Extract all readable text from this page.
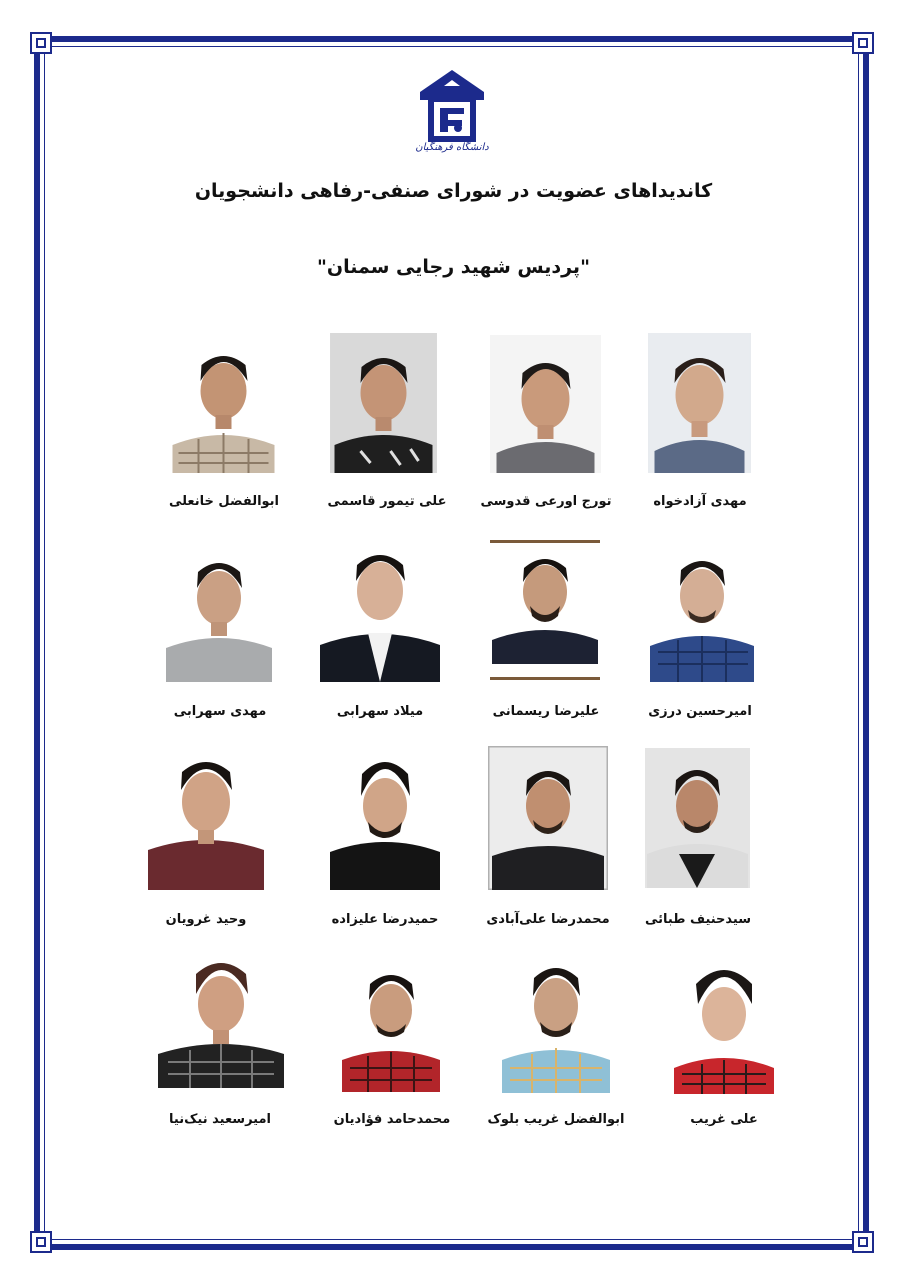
دانشگاه فرهنگیان
کاندیداهای عضویت در شورای صنفی-رفاهی دانشجویان
"پردیس شهید رجایی سمنان"
مهدی آزادخواه
تورج اورعی قدوسی
علی تیمور قاسمی
ابوالفضل خانعلی
امیرحسین درزی
علیرضا ریسمانی
میلاد سهرابی
مهدی سهرابی
سیدحنیف طبائی
محمدرضا علی‌آبادی
حمیدرضا علیزاده
وحید غرویان
علی غریب
ابوالفضل غریب بلوک
محمدحامد فؤادیان
امیرسعید نیک‌نیا
